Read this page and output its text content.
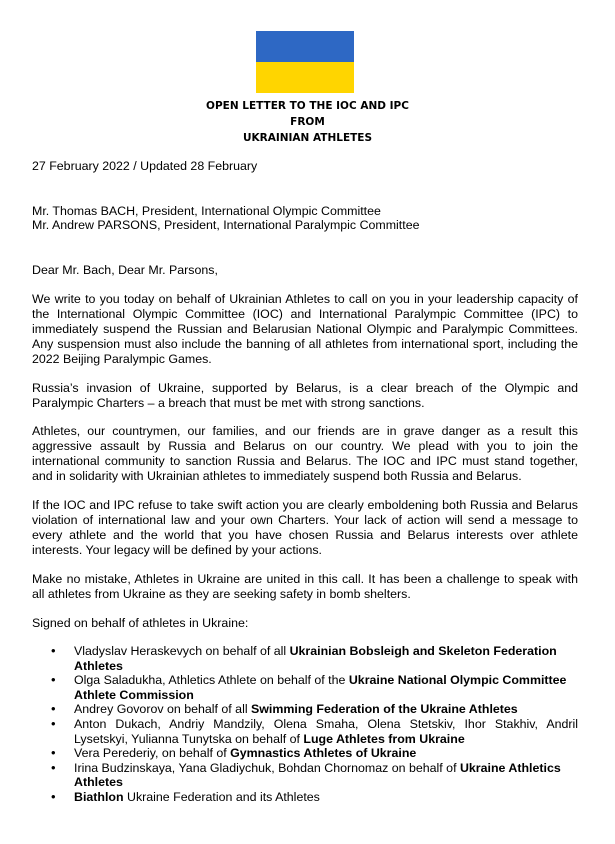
OPEN LETTER TO THE IOC AND IPC
FROM
UKRAINIAN ATHLETES

27 February 2022 / Updated 28 February

Mr. Thomas BACH, President, International Olympic Committee

Mr. Andrew PARSONS, President, International Paralympic Committee

Dear Mr. Bach, Dear Mr. Parsons,

We write to you today on behalf of Ukrainian Athletes to call on you in your leadership capacity of the International Olympic Committee (IOC) and International Paralympic Committee (IPC) to immediately suspend the Russian and Belarusian National Olympic and Paralympic Committees. Any suspension must also include the banning of all athletes from international sport, including the 2022 Beijing Paralympic Games.

Russia’s invasion of Ukraine, supported by Belarus, is a clear breach of the Olympic and Paralympic Charters – a breach that must be met with strong sanctions.

Athletes, our countrymen, our families, and our friends are in grave danger as a result this aggressive assault by Russia and Belarus on our country. We plead with you to join the international community to sanction Russia and Belarus. The IOC and IPC must stand together, and in solidarity with Ukrainian athletes to immediately suspend both Russia and Belarus.

If the IOC and IPC refuse to take swift action you are clearly emboldening both Russia and Belarus violation of international law and your own Charters. Your lack of action will send a message to every athlete and the world that you have chosen Russia and Belarus interests over athlete interests. Your legacy will be defined by your actions.

Make no mistake, Athletes in Ukraine are united in this call. It has been a challenge to speak with all athletes from Ukraine as they are seeking safety in bomb shelters.

Signed on behalf of athletes in Ukraine:

• Vladyslav Heraskevych on behalf of all Ukrainian Bobsleigh and Skeleton Federation Athletes
• Olga Saladukha, Athletics Athlete on behalf of the Ukraine National Olympic Committee Athlete Commission
• Andrey Govorov on behalf of all Swimming Federation of the Ukraine Athletes
• Anton Dukach, Andriy Mandzily, Olena Smaha, Olena Stetskiv, Ihor Stakhiv, Andril Lysetskyi, Yulianna Tunytska on behalf of Luge Athletes from Ukraine
• Vera Perederiy, on behalf of Gymnastics Athletes of Ukraine
• Irina Budzinskaya, Yana Gladiychuk, Bohdan Chornomaz on behalf of Ukraine Athletics Athletes
• Biathlon Ukraine Federation and its Athletes
